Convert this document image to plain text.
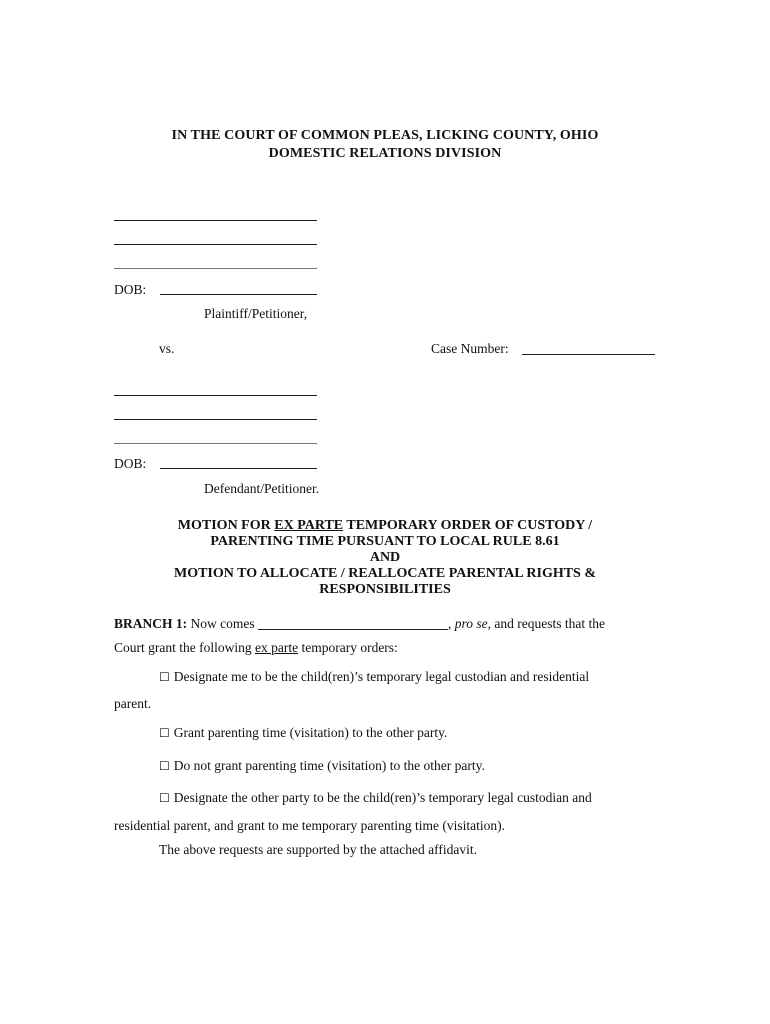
IN THE COURT OF COMMON PLEAS, LICKING COUNTY, OHIO
DOMESTIC RELATIONS DIVISION
DOB:
Plaintiff/Petitioner,
vs.	Case Number:
DOB:
Defendant/Petitioner.
MOTION FOR EX PARTE TEMPORARY ORDER OF CUSTODY /
PARENTING TIME PURSUANT TO LOCAL RULE 8.61
AND
MOTION TO ALLOCATE / REALLOCATE PARENTAL RIGHTS &
RESPONSIBILITIES
BRANCH 1: Now comes	, pro se, and requests that the
Court grant the following ex parte temporary orders:
☐ Designate me to be the child(ren)’s temporary legal custodian and residential
parent.
☐ Grant parenting time (visitation) to the other party.
☐ Do not grant parenting time (visitation) to the other party.
☐ Designate the other party to be the child(ren)’s temporary legal custodian and
residential parent, and grant to me temporary parenting time (visitation).
The above requests are supported by the attached affidavit.
